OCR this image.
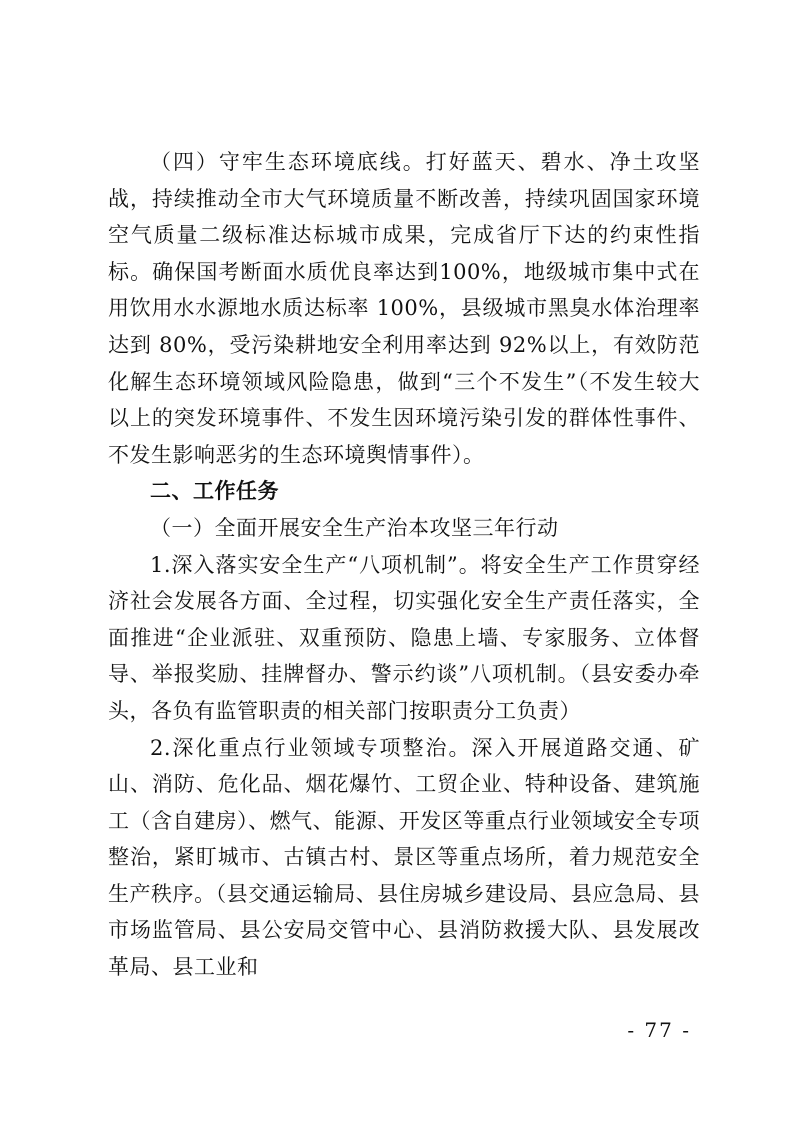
（四）守牢生态环境底线。打好蓝天、碧水、净土攻坚战，持续推动全市大气环境质量不断改善，持续巩固国家环境空气质量二级标准达标城市成果，完成省厅下达的约束性指标。确保国考断面水质优良率达到100%，地级城市集中式在用饮用水水源地水质达标率 100%，县级城市黑臭水体治理率达到 80%，受污染耕地安全利用率达到 92%以上，有效防范化解生态环境领域风险隐患，做到“三个不发生”（不发生较大以上的突发环境事件、不发生因环境污染引发的群体性事件、不发生影响恶劣的生态环境舆情事件）。

二、工作任务

（一）全面开展安全生产治本攻坚三年行动

1.深入落实安全生产“八项机制”。将安全生产工作贯穿经济社会发展各方面、全过程，切实强化安全生产责任落实，全面推进“企业派驻、双重预防、隐患上墙、专家服务、立体督导、举报奖励、挂牌督办、警示约谈”八项机制。（县安委办牵头，各负有监管职责的相关部门按职责分工负责）

2.深化重点行业领域专项整治。深入开展道路交通、矿山、消防、危化品、烟花爆竹、工贸企业、特种设备、建筑施工（含自建房）、燃气、能源、开发区等重点行业领域安全专项整治，紧盯城市、古镇古村、景区等重点场所，着力规范安全生产秩序。（县交通运输局、县住房城乡建设局、县应急局、县市场监管局、县公安局交管中心、县消防救援大队、县发展改革局、县工业和

- 77 -
